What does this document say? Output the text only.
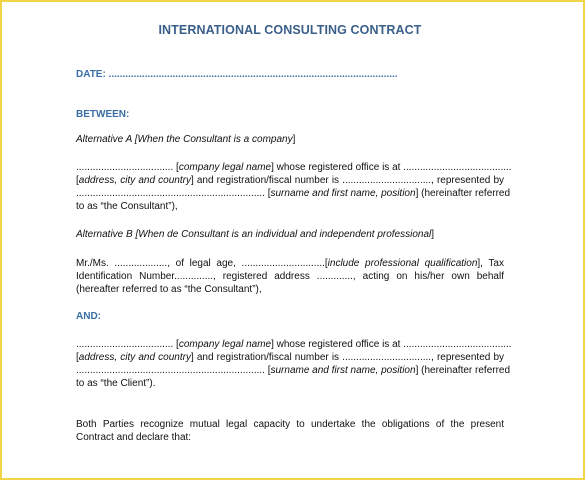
INTERNATIONAL CONSULTING CONTRACT
DATE: ........................................................................................................
BETWEEN:
Alternative A [When the Consultant is a company]
................................... [company legal name] whose registered office is at .......................................
[address, city and country] and registration/fiscal number is ................................, represented by
.................................................................... [surname and first name, position] (hereinafter referred
to as “the Consultant”),
Alternative B [When de Consultant is an individual and independent professional]
Mr./Ms. ..................., of legal age, ..............................[include professional qualification], Tax
Identification Number.............., registered address ............., acting on his/her own behalf
(hereafter referred to as “the Consultant”),
AND:
................................... [company legal name] whose registered office is at .......................................
[address, city and country] and registration/fiscal number is ................................, represented by
.................................................................... [surname and first name, position] (hereinafter referred
to as “the Client”).
Both Parties recognize mutual legal capacity to undertake the obligations of the present
Contract and declare that:
